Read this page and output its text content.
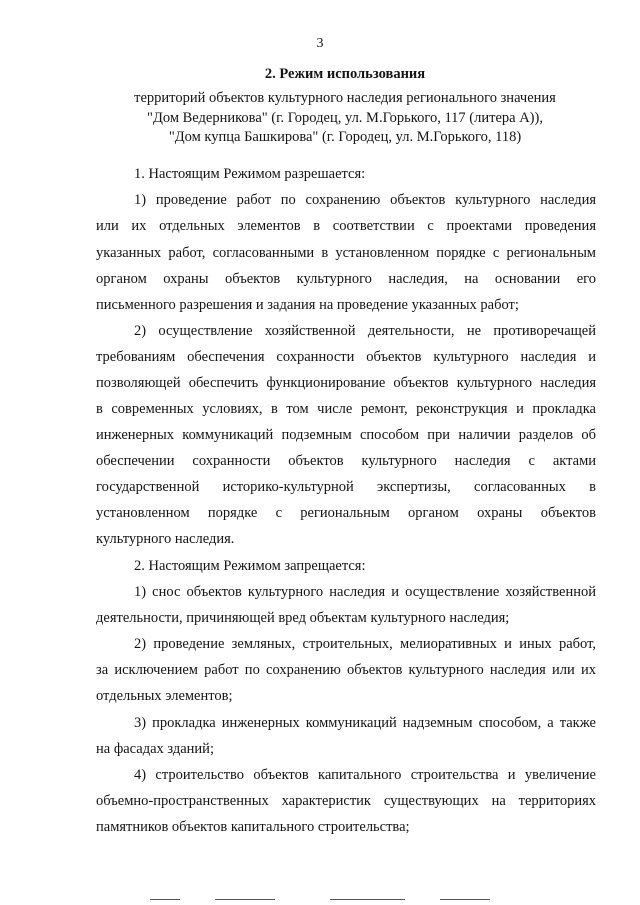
3
2. Режим использования
территорий объектов культурного наследия регионального значения
"Дом Ведерникова" (г. Городец, ул. М.Горького, 117 (литера А)),
"Дом купца Башкирова" (г. Городец, ул. М.Горького, 118)
1. Настоящим Режимом разрешается:
1) проведение работ по сохранению объектов культурного наследия
или их отдельных элементов в соответствии с проектами проведения
указанных работ, согласованными в установленном порядке с региональным
органом охраны объектов культурного наследия, на основании его
письменного разрешения и задания на проведение указанных работ;
2) осуществление хозяйственной деятельности, не противоречащей
требованиям обеспечения сохранности объектов культурного наследия и
позволяющей обеспечить функционирование объектов культурного наследия
в современных условиях, в том числе ремонт, реконструкция и прокладка
инженерных коммуникаций подземным способом при наличии разделов об
обеспечении сохранности объектов культурного наследия с актами
государственной историко-культурной экспертизы, согласованных в
установленном порядке с региональным органом охраны объектов
культурного наследия.
2. Настоящим Режимом запрещается:
1) снос объектов культурного наследия и осуществление хозяйственной
деятельности, причиняющей вред объектам культурного наследия;
2) проведение земляных, строительных, мелиоративных и иных работ,
за исключением работ по сохранению объектов культурного наследия или их
отдельных элементов;
3) прокладка инженерных коммуникаций надземным способом, а также
на фасадах зданий;
4) строительство объектов капитального строительства и увеличение
объемно-пространственных характеристик существующих на территориях
памятников объектов капитального строительства;
